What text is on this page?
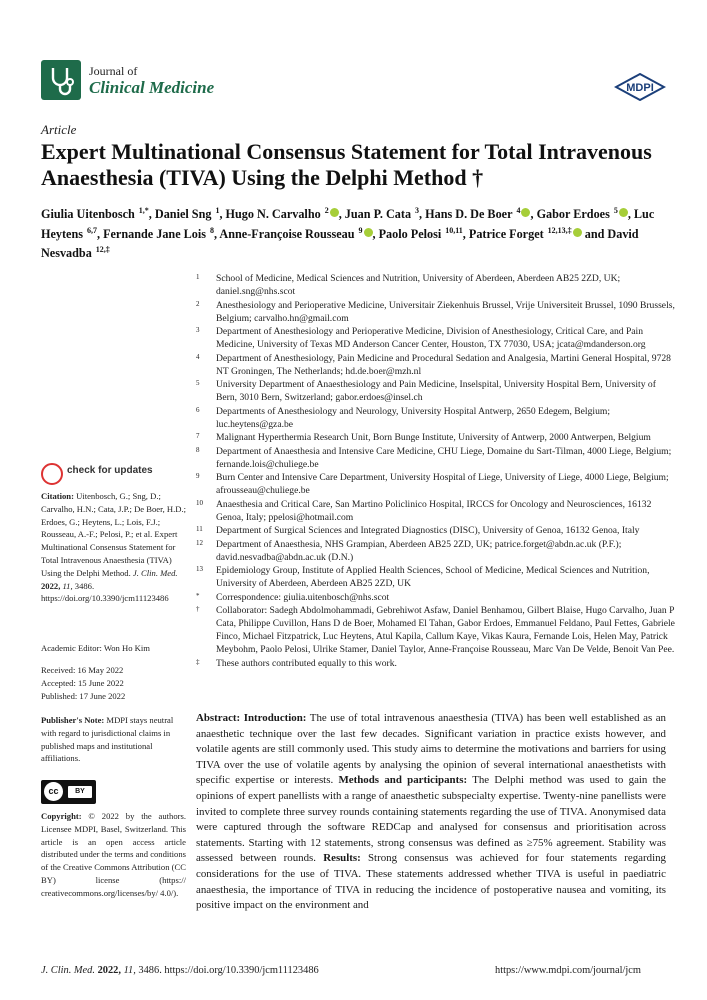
Journal of
Clinical Medicine	MDPI
Article
Expert Multinational Consensus Statement for Total Intravenous Anaesthesia (TIVA) Using the Delphi Method †
Giulia Uitenbosch $^{1,*}$, Daniel Sng $^1$, Hugo N. Carvalho $^2$ , Juan P. Cata $^3$, Hans D. De Boer $^4$ , Gabor Erdoes $^5$ , Luc Heytens $^{6,7}$, Fernande Jane Lois $^8$, Anne-Françoise Rousseau $^9$ , Paolo Pelosi $^{10,11}$, Patrice Forget $^{12,13,\ddagger}$ and David Nesvadba $^{12,\ddagger}$
1 School of Medicine, Medical Sciences and Nutrition, University of Aberdeen, Aberdeen AB25 2ZD, UK; daniel.sng@nhs.scot
2 Anesthesiology and Perioperative Medicine, Universitair Ziekenhuis Brussel, Vrije Universiteit Brussel, 1090 Brussels, Belgium; carvalho.hn@gmail.com
3 Department of Anesthesiology and Perioperative Medicine, Division of Anesthesiology, Critical Care, and Pain Medicine, University of Texas MD Anderson Cancer Center, Houston, TX 77030, USA; jcata@mdanderson.org
4 Department of Anesthesiology, Pain Medicine and Procedural Sedation and Analgesia, Martini General Hospital, 9728 NT Groningen, The Netherlands; hd.de.boer@mzh.nl
5 University Department of Anaesthesiology and Pain Medicine, Inselspital, University Hospital Bern, University of Bern, 3010 Bern, Switzerland; gabor.erdoes@insel.ch
6 Departments of Anesthesiology and Neurology, University Hospital Antwerp, 2650 Edegem, Belgium; luc.heytens@gza.be
7 Malignant Hyperthermia Research Unit, Born Bunge Institute, University of Antwerp, 2000 Antwerpen, Belgium
8 Department of Anaesthesia and Intensive Care Medicine, CHU Liege, Domaine du Sart-Tilman, 4000 Liege, Belgium; fernande.lois@chuliege.be
9 Burn Center and Intensive Care Department, University Hospital of Liege, University of Liege, 4000 Liege, Belgium; afrousseau@chuliege.be
10 Anaesthesia and Critical Care, San Martino Policlinico Hospital, IRCCS for Oncology and Neurosciences, 16132 Genoa, Italy; ppelosi@hotmail.com
11 Department of Surgical Sciences and Integrated Diagnostics (DISC), University of Genoa, 16132 Genoa, Italy
12 Department of Anaesthesia, NHS Grampian, Aberdeen AB25 2ZD, UK; patrice.forget@abdn.ac.uk (P.F.); david.nesvadba@abdn.ac.uk (D.N.)
13 Epidemiology Group, Institute of Applied Health Sciences, School of Medicine, Medical Sciences and Nutrition, University of Aberdeen, Aberdeen AB25 2ZD, UK
* Correspondence: giulia.uitenbosch@nhs.scot
† Collaborator: Sadegh Abdolmohammadi, Gebrehiwot Asfaw, Daniel Benhamou, Gilbert Blaise, Hugo Carvalho, Juan P Cata, Philippe Cuvillon, Hans D de Boer, Mohamed El Tahan, Gabor Erdoes, Emmanuel Feldano, Paul Fettes, Gabriele Finco, Michael Fitzpatrick, Luc Heytens, Atul Kapila, Callum Kaye, Vikas Kaura, Fernande Lois, Helen May, Patrick Meybohm, Paolo Pelosi, Ulrike Stamer, Daniel Taylor, Anne-Françoise Rousseau, Marc Van De Velde, Benoit Van Pee.
‡ These authors contributed equally to this work.
check for updates
Citation: Uitenbosch, G.; Sng, D.; Carvalho, H.N.; Cata, J.P.; De Boer, H.D.; Erdoes, G.; Heytens, L.; Lois, F.J.; Rousseau, A.-F.; Pelosi, P.; et al. Expert Multinational Consensus Statement for Total Intravenous Anaesthesia (TIVA) Using the Delphi Method. J. Clin. Med. 2022, 11, 3486. https://doi.org/10.3390/jcm11123486
Academic Editor: Won Ho Kim
Received: 16 May 2022
Accepted: 15 June 2022
Published: 17 June 2022
Publisher's Note: MDPI stays neutral with regard to jurisdictional claims in published maps and institutional affiliations.
cc	BY
Copyright: © 2022 by the authors. Licensee MDPI, Basel, Switzerland. This article is an open access article distributed under the terms and conditions of the Creative Commons Attribution (CC BY) license (https:// creativecommons.org/licenses/by/ 4.0/).
Abstract: Introduction: The use of total intravenous anaesthesia (TIVA) has been well established as an anaesthetic technique over the last few decades. Significant variation in practice exists however, and volatile agents are still commonly used. This study aims to determine the motivations and barriers for using TIVA over the use of volatile agents by analysing the opinion of several international anaesthetists with specific expertise or interests. Methods and participants: The Delphi method was used to gain the opinions of expert panellists with a range of anaesthetic subspecialty expertise. Twenty-nine panellists were invited to complete three survey rounds containing statements regarding the use of TIVA. Anonymised data were captured through the software REDCap and analysed for consensus and prioritisation across statements. Starting with 12 statements, strong consensus was defined as ≥75% agreement. Stability was assessed between rounds. Results: Strong consensus was achieved for four statements regarding considerations for the use of TIVA. These statements addressed whether TIVA is useful in paediatric anaesthesia, the importance of TIVA in reducing the incidence of postoperative nausea and vomiting, its positive impact on the environment and
J. Clin. Med. 2022, 11, 3486. https://doi.org/10.3390/jcm11123486	https://www.mdpi.com/journal/jcm
